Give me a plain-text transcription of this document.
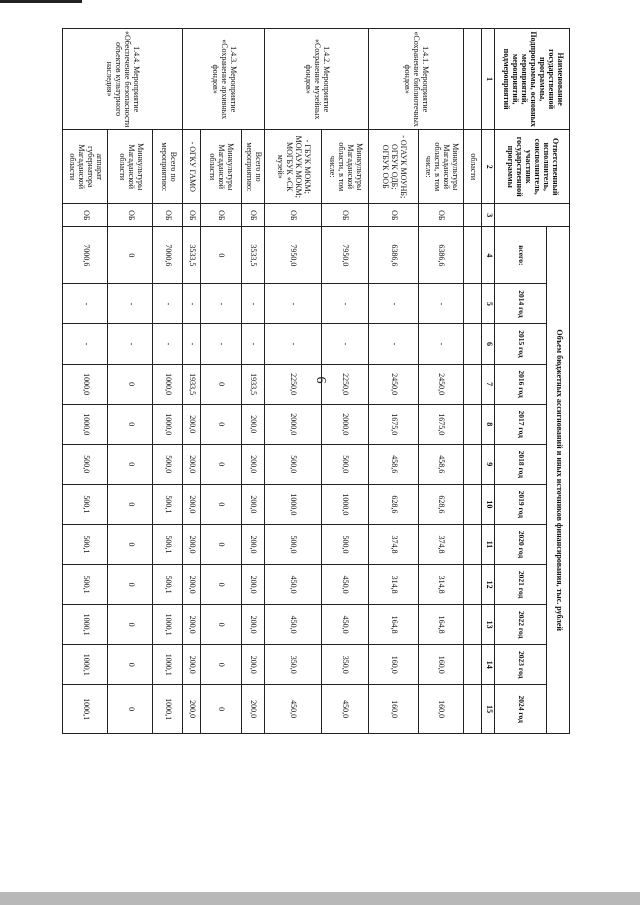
6
Наименование государственной программы, Подпрограммы, основных мероприятий, мероприятий, подмероприятий	Ответственный исполнитель, соисполнитель, участник государственной программы		Объем бюджетных ассигнований и иных источников финансирования, тыс. рублей											
			всего:	2014 год	2015 год	2016 год	2017 год	2018 год	2019 год	2020 год	2021 год	2022 год	2023 год	2024 год
1	2	3	4	5	6	7	8	9	10	11	12	13	14	15
	области													
1.4.1. Мероприятие «Сохранение библиотечных фондов»	Минкультуры Магаданской области, в том числе:	ОБ	6386,6	-	-	2450,0	1675,0	458,6	628,6	374,8	314,8	164,8	160,0	160,0
	- ОГАУК МОУНБ; ОГБУК ОДБ; ОГБУК ООБ	ОБ	6386,6	-	-	2450,0	1675,0	458,6	628,6	374,8	314,8	164,8	160,0	160,0
1.4.2. Мероприятие «Сохранение музейных фондов»	Минкультуры Магаданской области, в том числе:	ОБ	7950,0	-	-	2250,0	2000,0	500,0	1000,0	500,0	450,0	450,0	350,0	450,0
	- ГБУК МОКМ; МОГАУК МОКМ; МОГБУК «СК музей»	ОБ	7950,0	-	-	2250,0	2000,0	500,0	1000,0	500,0	450,0	450,0	350,0	450,0
1.4.3. Мероприятие «Сохранение архивных фондов»	Всего по мероприятию:	ОБ	3533,5	-	-	1933,5	200,0	200,0	200,0	200,0	200,0	200,0	200,0	200,0
	Минкультуры Магаданской области	ОБ	0	-	-	0	0	0	0	0	0	0	0	0
	- ОГКУ ГАМО	ОБ	3533,5	-	-	1933,5	200,0	200,0	200,0	200,0	200,0	200,0	200,0	200,0
1.4.4. Мероприятие «Обеспечение безопасности объектов культурного наследия»	Всего по мероприятию:	ОБ	7000,6	-	-	1000,0	1000,0	500,0	500,1	500,1	500,1	1000,1	1000,1	1000,1
	Минкультуры Магаданской области	ОБ	0	-	-	0	0	0	0	0	0	0	0	0
	аппарат губернатора Магаданской области	ОБ	7000,6	-	-	1000,0	1000,0	500,0	500,1	500,1	500,1	1000,1	1000,1	1000,1
